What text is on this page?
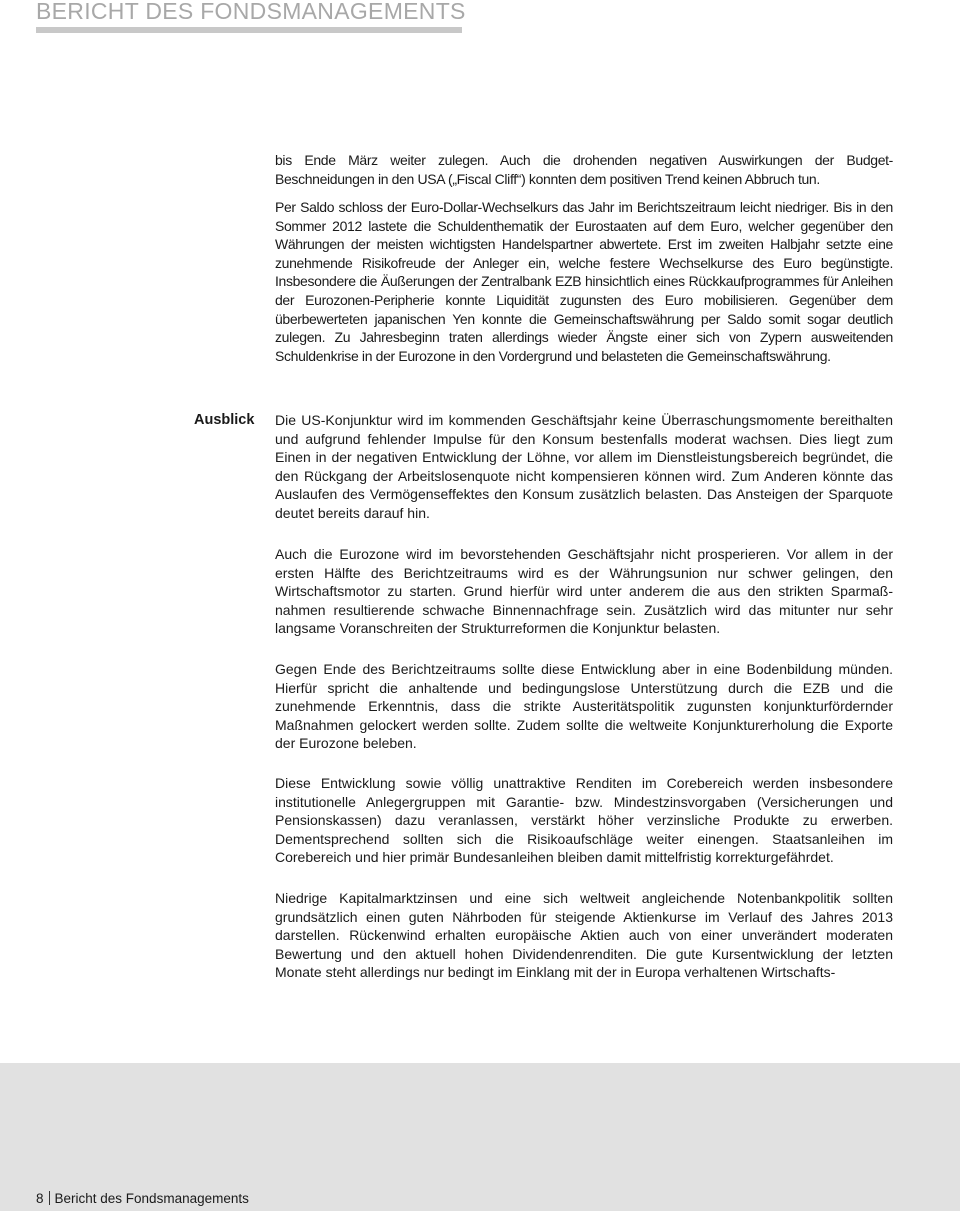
BERICHT DES FONDSMANAGEMENTS

bis Ende März weiter zulegen. Auch die drohenden negativen Auswirkungen der Budget-Beschneidungen in den USA („Fiscal Cliff“) konnten dem positiven Trend keinen Abbruch tun.

Per Saldo schloss der Euro-Dollar-Wechselkurs das Jahr im Berichtszeitraum leicht niedriger. Bis in den Sommer 2012 lastete die Schuldenthematik der Eurostaaten auf dem Euro, welcher gegenüber den Währungen der meisten wichtigsten Handelspartner abwertete. Erst im zweiten Halbjahr setzte eine zunehmende Risikofreude der Anleger ein, welche festere Wechselkurse des Euro begünstigte. Insbesondere die Äußerungen der Zentralbank EZB hinsichtlich eines Rückkaufprogrammes für Anleihen der Eurozonen-Peripherie konnte Liquidität zugunsten des Euro mobilisieren. Gegenüber dem überbewerteten japanischen Yen konnte die Gemeinschaftswährung per Saldo somit sogar deutlich zulegen. Zu Jahresbeginn traten allerdings wieder Ängste einer sich von Zypern ausweitenden Schuldenkrise in der Eurozone in den Vordergrund und belasteten die Gemeinschaftswährung.

Ausblick Die US-Konjunktur wird im kommenden Geschäftsjahr keine Überraschungsmomente bereithalten und aufgrund fehlender Impulse für den Konsum bestenfalls moderat wachsen. Dies liegt zum Einen in der negativen Entwicklung der Löhne, vor allem im Dienstleistungsbereich begründet, die den Rückgang der Arbeitslosenquote nicht kompensieren können wird. Zum Anderen könnte das Auslaufen des Vermögenseffektes den Konsum zusätzlich belasten. Das Ansteigen der Sparquote deutet bereits darauf hin.

Auch die Eurozone wird im bevorstehenden Geschäftsjahr nicht prosperieren. Vor allem in der ersten Hälfte des Berichtzeitraums wird es der Währungsunion nur schwer gelingen, den Wirtschaftsmotor zu starten. Grund hierfür wird unter anderem die aus den strikten Sparmaß-nahmen resultierende schwache Binnennachfrage sein. Zusätzlich wird das mitunter nur sehr langsame Voranschreiten der Strukturreformen die Konjunktur belasten.

Gegen Ende des Berichtzeitraums sollte diese Entwicklung aber in eine Bodenbildung münden. Hierfür spricht die anhaltende und bedingungslose Unterstützung durch die EZB und die zunehmende Erkenntnis, dass die strikte Austeritätspolitik zugunsten konjunkturfördernder Maßnahmen gelockert werden sollte. Zudem sollte die weltweite Konjunkturerholung die Exporte der Eurozone beleben.

Diese Entwicklung sowie völlig unattraktive Renditen im Corebereich werden insbesondere institutionelle Anlegergruppen mit Garantie- bzw. Mindestzinsvorgaben (Versicherungen und Pensionskassen) dazu veranlassen, verstärkt höher verzinsliche Produkte zu erwerben. Dementsprechend sollten sich die Risikoaufschläge weiter einengen. Staatsanleihen im Corebereich und hier primär Bundesanleihen bleiben damit mittelfristig korrekturgefährdet.

Niedrige Kapitalmarktzinsen und eine sich weltweit angleichende Notenbankpolitik sollten grundsätzlich einen guten Nährboden für steigende Aktienkurse im Verlauf des Jahres 2013 darstellen. Rückenwind erhalten europäische Aktien auch von einer unverändert moderaten Bewertung und den aktuell hohen Dividendenrenditen. Die gute Kursentwicklung der letzten Monate steht allerdings nur bedingt im Einklang mit der in Europa verhaltenen Wirtschafts-

8 Bericht des Fondsmanagements
